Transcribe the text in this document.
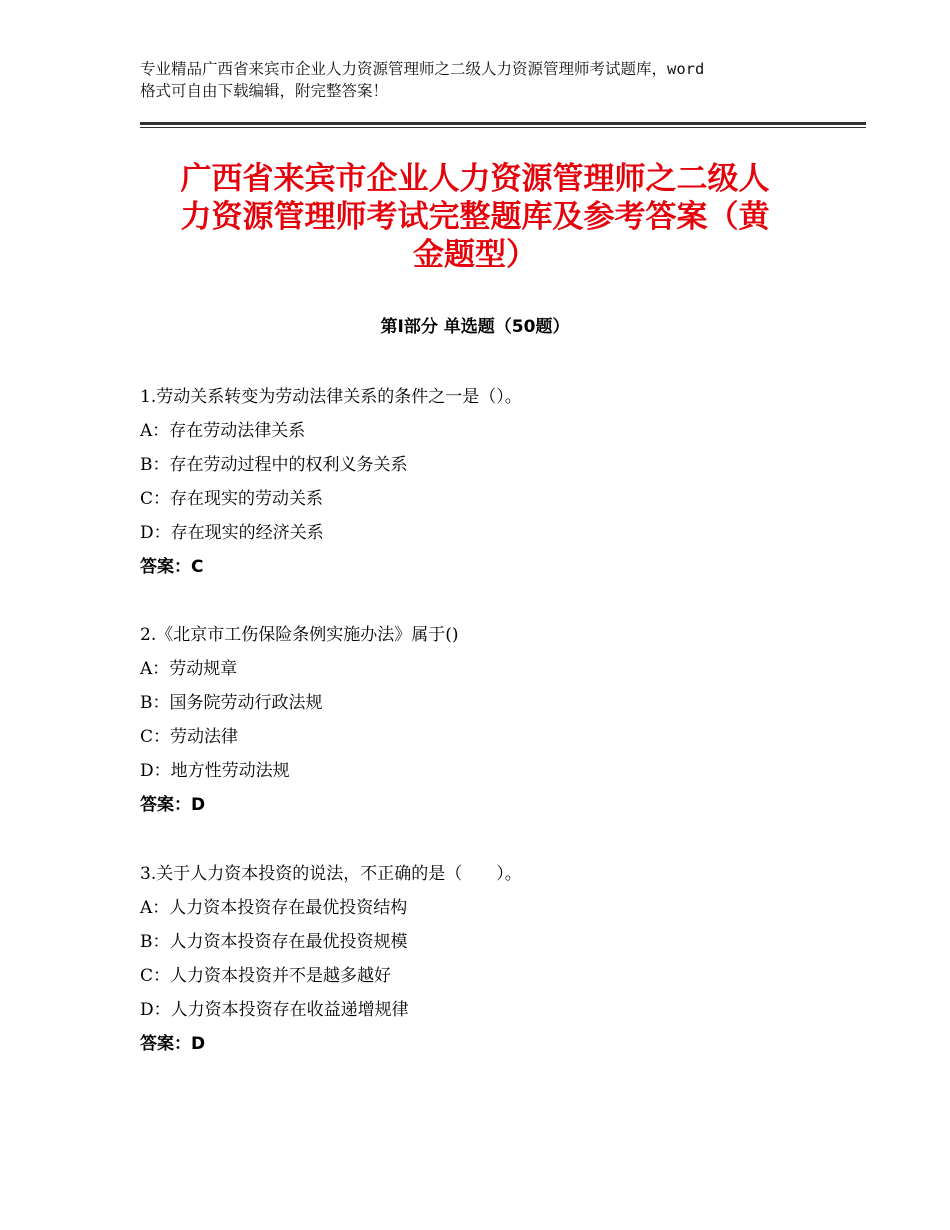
专业精品广西省来宾市企业人力资源管理师之二级人力资源管理师考试题库，word
格式可自由下载编辑，附完整答案！
广西省来宾市企业人力资源管理师之二级人
力资源管理师考试完整题库及参考答案（黄
金题型）
第Ⅰ部分 单选题（50题）
1.劳动关系转变为劳动法律关系的条件之一是（）。
A：存在劳动法律关系
B：存在劳动过程中的权利义务关系
C：存在现实的劳动关系
D：存在现实的经济关系
答案：C
2.《北京市工伤保险条例实施办法》属于()
A：劳动规章
B：国务院劳动行政法规
C：劳动法律
D：地方性劳动法规
答案：D
3.关于人力资本投资的说法，不正确的是（　　）。
A：人力资本投资存在最优投资结构
B：人力资本投资存在最优投资规模
C：人力资本投资并不是越多越好
D：人力资本投资存在收益递增规律
答案：D
